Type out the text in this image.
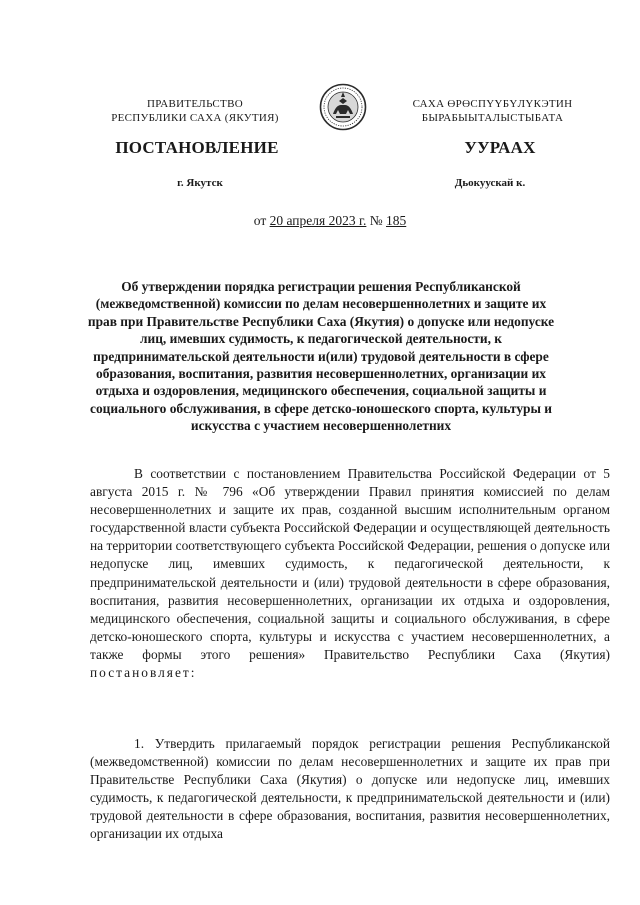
ПРАВИТЕЛЬСТВО
РЕСПУБЛИКИ САХА (ЯКУТИЯ)
САХА ӨРӨСПҮҮБҮЛҮКЭТИН
БЫРАБЫЫТАЛЫСТЫБАТА
ПОСТАНОВЛЕНИЕ	УУРААХ
г. Якутск	Дьокуускай к.
от 20 апреля 2023 г. № 185
Об утверждении порядка регистрации решения Республиканской (межведомственной) комиссии по делам несовершеннолетних и защите их прав при Правительстве Республики Саха (Якутия) о допуске или недопуске лиц, имевших судимость, к педагогической деятельности, к предпринимательской деятельности и(или) трудовой деятельности в сфере образования, воспитания, развития несовершеннолетних, организации их отдыха и оздоровления, медицинского обеспечения, социальной защиты и социального обслуживания, в сфере детско-юношеского спорта, культуры и искусства с участием несовершеннолетних

В соответствии с постановлением Правительства Российской Федерации от 5 августа 2015 г. № 796 «Об утверждении Правил принятия комиссией по делам несовершеннолетних и защите их прав, созданной высшим исполнительным органом государственной власти субъекта Российской Федерации и осуществляющей деятельность на территории соответствующего субъекта Российской Федерации, решения о допуске или недопуске лиц, имевших судимость, к педагогической деятельности, к предпринимательской деятельности и (или) трудовой деятельности в сфере образования, воспитания, развития несовершеннолетних, организации их отдыха и оздоровления, медицинского обеспечения, социальной защиты и социального обслуживания, в сфере детско-юношеского спорта, культуры и искусства с участием несовершеннолетних, а также формы этого решения» Правительство Республики Саха (Якутия) постановляет:

1. Утвердить прилагаемый порядок регистрации решения Республиканской (межведомственной) комиссии по делам несовершеннолетних и защите их прав при Правительстве Республики Саха (Якутия) о допуске или недопуске лиц, имевших судимость, к педагогической деятельности, к предпринимательской деятельности и (или) трудовой деятельности в сфере образования, воспитания, развития несовершеннолетних, организации их отдыха
